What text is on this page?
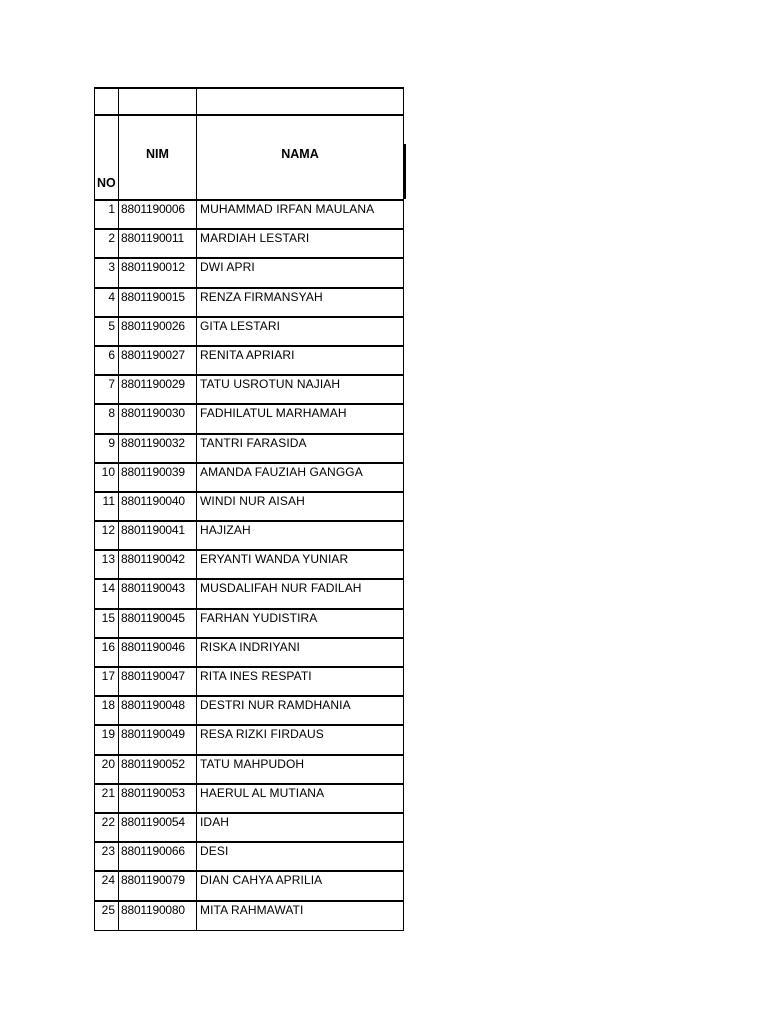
NO
NIM	NAMA
1 8801190006	MUHAMMAD IRFAN MAULANA
2 8801190011	MARDIAH LESTARI
3 8801190012	DWI APRI
4 8801190015	RENZA FIRMANSYAH
5 8801190026	GITA LESTARI
6 8801190027	RENITA APRIARI
7 8801190029	TATU USROTUN NAJIAH
8 8801190030	FADHILATUL MARHAMAH
9 8801190032	TANTRI FARASIDA
10 8801190039	AMANDA FAUZIAH GANGGA
11 8801190040	WINDI NUR AISAH
12 8801190041	HAJIZAH
13 8801190042	ERYANTI WANDA YUNIAR
14 8801190043	MUSDALIFAH NUR FADILAH
15 8801190045	FARHAN YUDISTIRA
16 8801190046	RISKA INDRIYANI
17 8801190047	RITA INES RESPATI
18 8801190048	DESTRI NUR RAMDHANIA
19 8801190049	RESA RIZKI FIRDAUS
20 8801190052	TATU MAHPUDOH
21 8801190053	HAERUL AL MUTIANA
22 8801190054	IDAH
23 8801190066	DESI
24 8801190079	DIAN CAHYA APRILIA
25 8801190080	MITA RAHMAWATI
